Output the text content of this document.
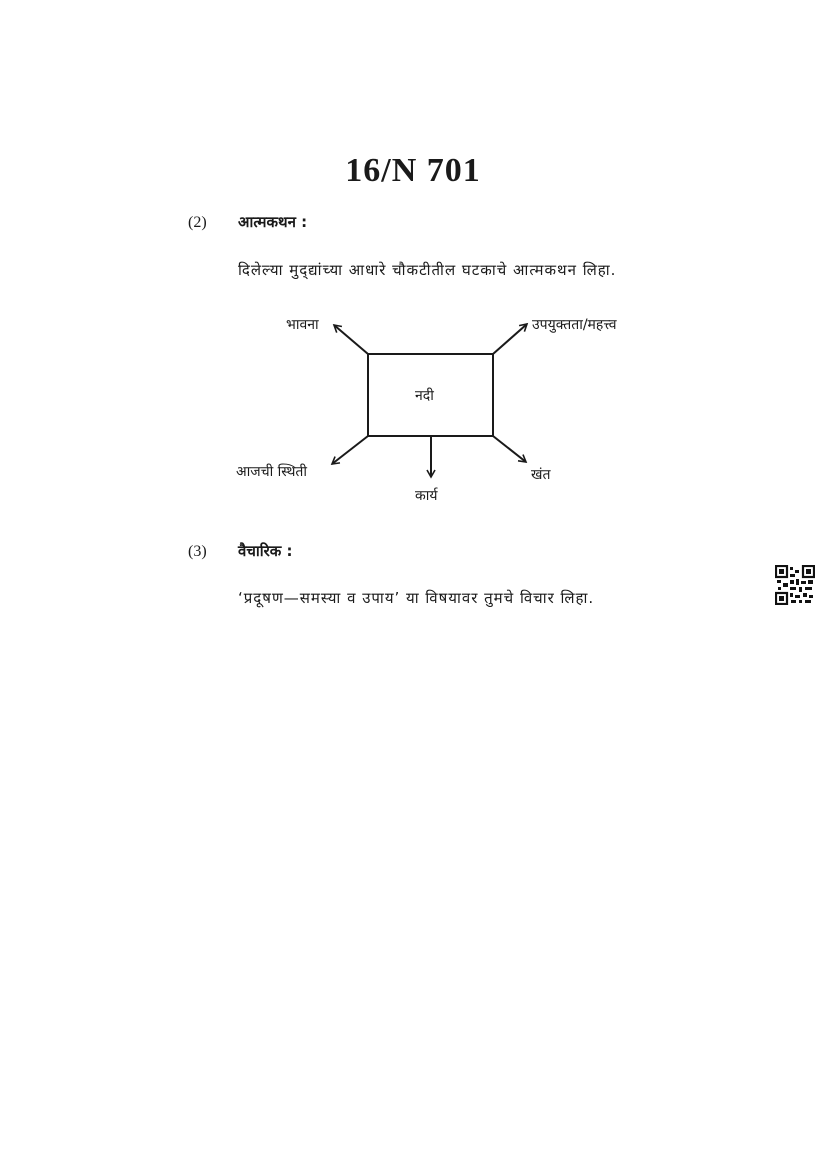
16/N 701
(2) आत्मकथन :
दिलेल्या मुद्‌द्यांच्या आधारे चौकटीतील घटकाचे आत्मकथन लिहा.
नदी
भावना	उपयुक्तता/महत्त्व
आजची स्थिती
कार्य
खंत
(3) वैचारिक :
‘प्रदूषण—समस्या व उपाय’ या विषयावर तुमचे विचार लिहा.
